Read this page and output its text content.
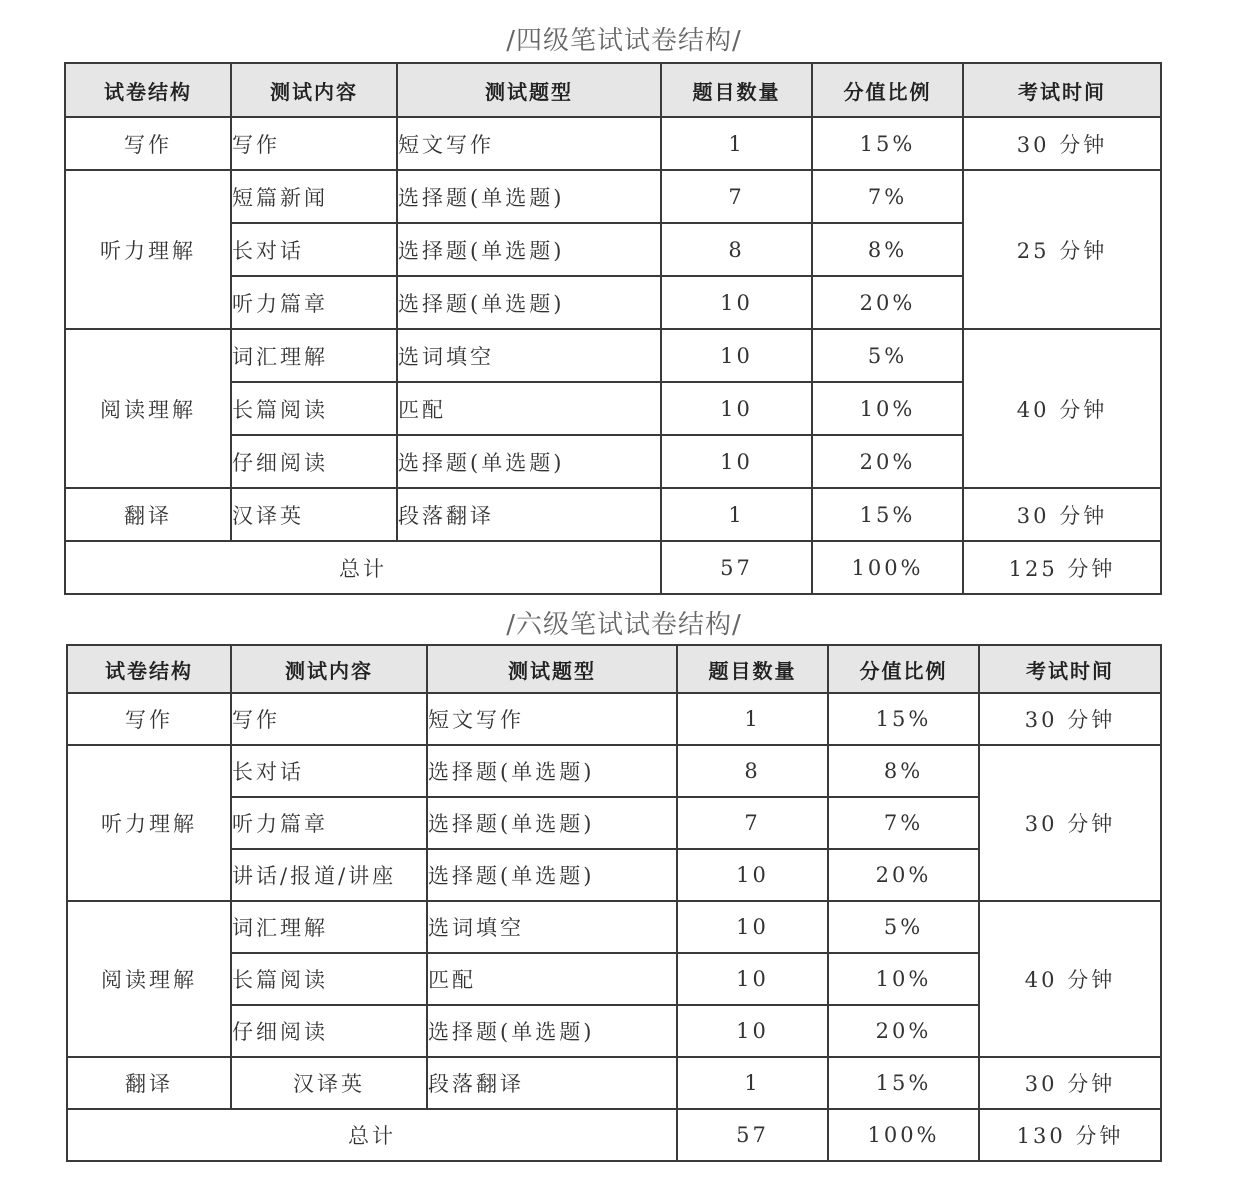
/四级笔试试卷结构/
试卷结构	测试内容	测试题型	题目数量	分值比例	考试时间
写作	写作	短文写作	1	15%	30 分钟
听力理解	短篇新闻	选择题(单选题)	7	7%	25 分钟
	长对话	选择题(单选题)	8	8%	
	听力篇章	选择题(单选题)	10	20%	
阅读理解	词汇理解	选词填空	10	5%	40 分钟
	长篇阅读	匹配	10	10%	
	仔细阅读	选择题(单选题)	10	20%	
翻译	汉译英	段落翻译	1	15%	30 分钟
总计			57	100%	125 分钟
/六级笔试试卷结构/
试卷结构	测试内容	测试题型	题目数量	分值比例	考试时间
写作	写作	短文写作	1	15%	30 分钟
听力理解	长对话	选择题(单选题)	8	8%	30 分钟
	听力篇章	选择题(单选题)	7	7%	
	讲话/报道/讲座	选择题(单选题)	10	20%	
阅读理解	词汇理解	选词填空	10	5%	40 分钟
	长篇阅读	匹配	10	10%	
	仔细阅读	选择题(单选题)	10	20%	
翻译	汉译英	段落翻译	1	15%	30 分钟
总计			57	100%	130 分钟
